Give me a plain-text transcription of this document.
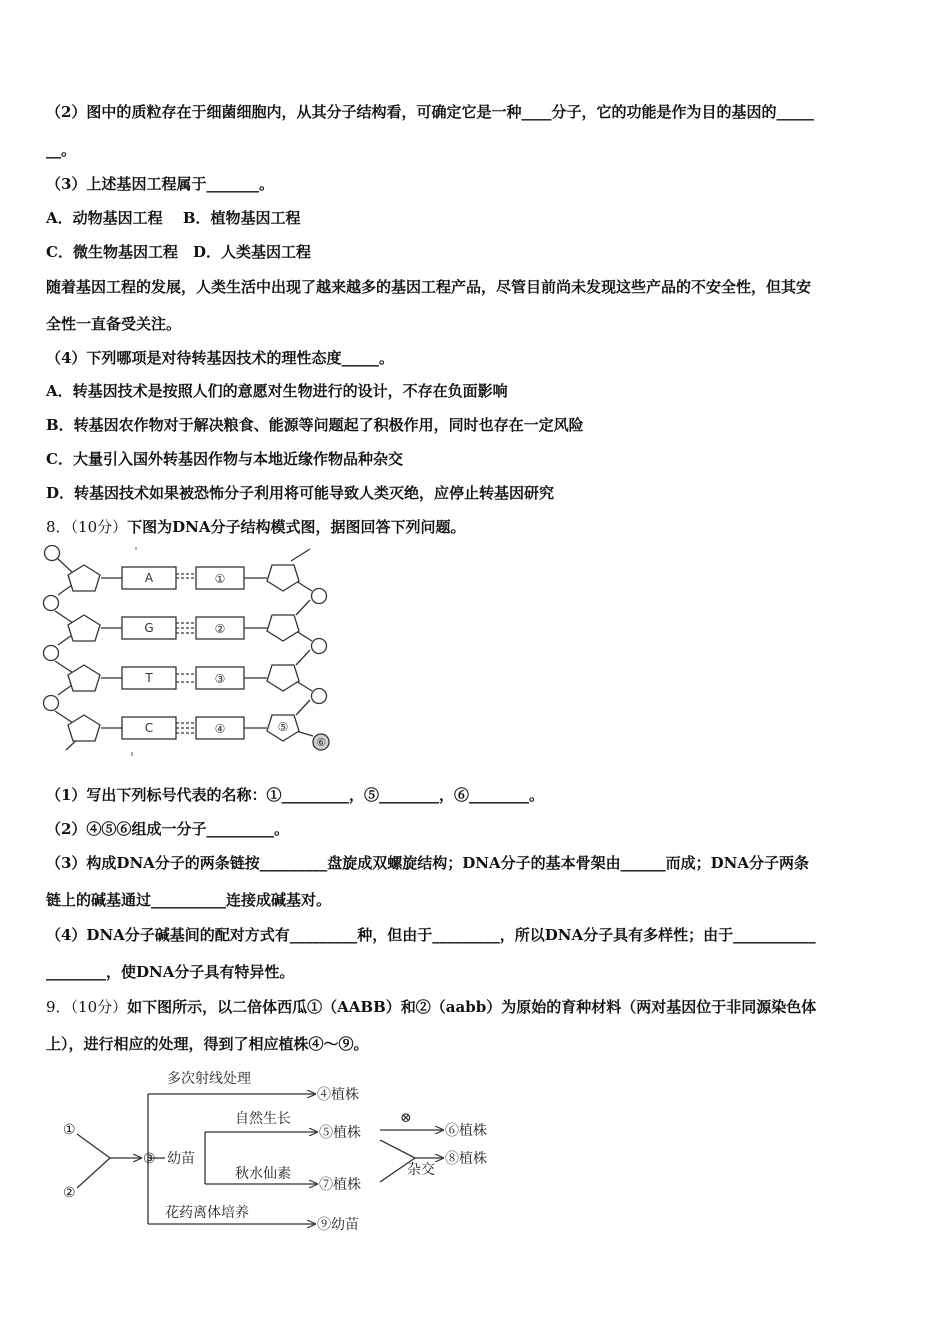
（2）图中的质粒存在于细菌细胞内，从其分子结构看，可确定它是一种____分子，它的功能是作为目的基因的_____
__。
（3）上述基因工程属于_______。
A．动物基因工程　 B．植物基因工程
C．微生物基因工程　D．人类基因工程
随着基因工程的发展，人类生活中出现了越来越多的基因工程产品，尽管目前尚未发现这些产品的不安全性，但其安
全性一直备受关注。
（4）下列哪项是对待转基因技术的理性态度_____。
A．转基因技术是按照人们的意愿对生物进行的设计，不存在负面影响
B．转基因农作物对于解决粮食、能源等问题起了积极作用，同时也存在一定风险
C．大量引入国外转基因作物与本地近缘作物品种杂交
D．转基因技术如果被恐怖分子利用将可能导致人类灭绝，应停止转基因研究
8．（10分）下图为DNA分子结构模式图，据图回答下列问题。
A
G
T
C
①
②
③
④	⑤
⑥
（1）写出下列标号代表的名称：①_________，⑤________，⑥________。
（2）④⑤⑥组成一分子_________。
（3）构成DNA分子的两条链按_________盘旋成双螺旋结构；DNA分子的基本骨架由______而成；DNA分子两条
链上的碱基通过__________连接成碱基对。
（4）DNA分子碱基间的配对方式有_________种，但由于_________，所以DNA分子具有多样性；由于___________
________，使DNA分子具有特异性。
9．（10分）如下图所示，以二倍体西瓜①（AABB）和②（aabb）为原始的育种材料（两对基因位于非同源染色体
上），进行相应的处理，得到了相应植株④～⑨。
①
②
③ 幼苗
多次射线处理
自然生长
秋水仙素
花药离体培养
⊗
杂交
④植株
⑤植株	⑥植株
⑦植株
⑧植株
⑨幼苗
